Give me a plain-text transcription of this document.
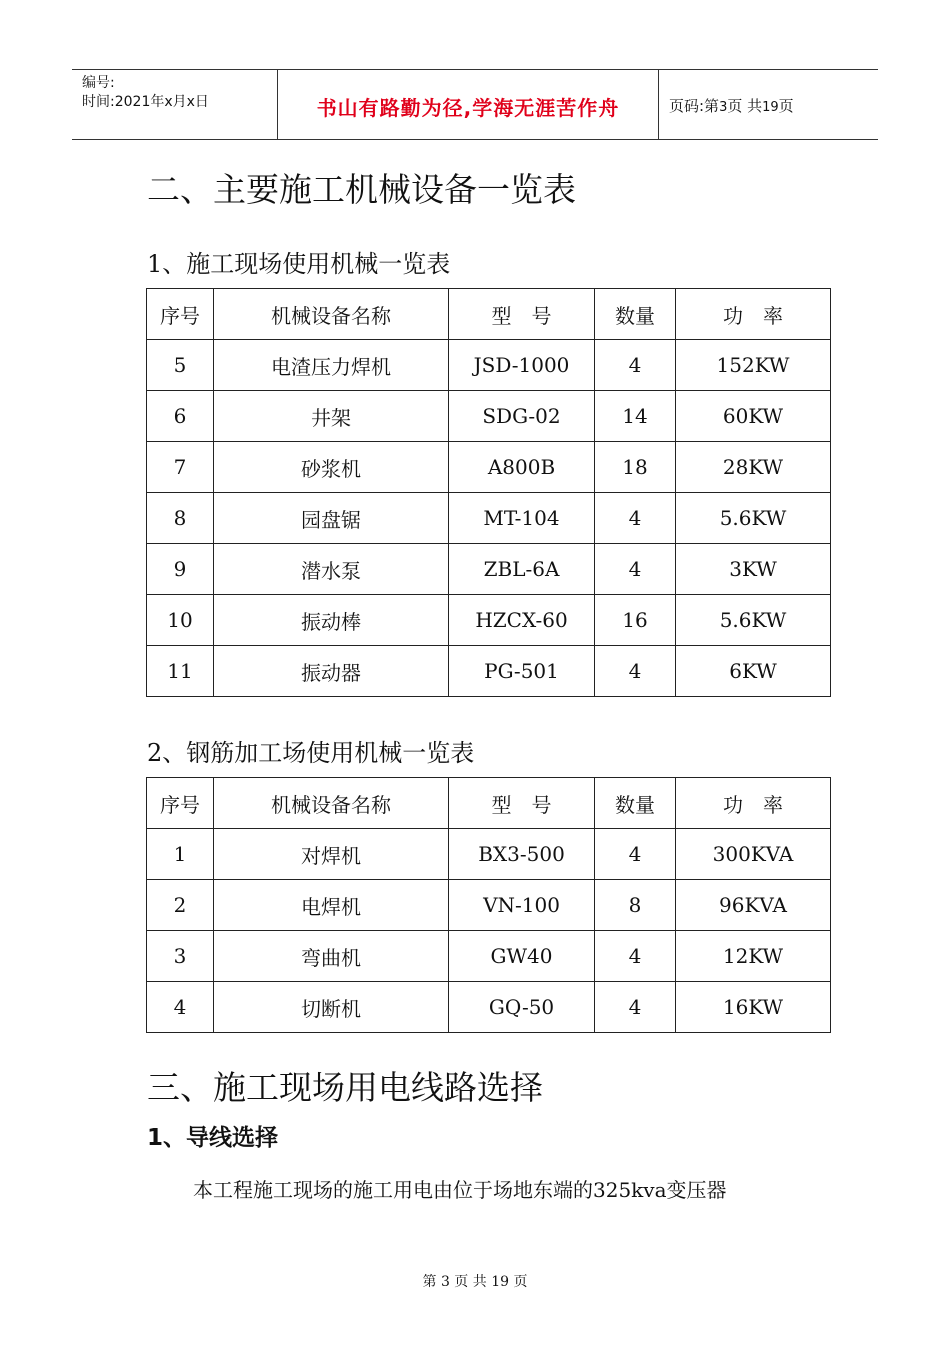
编号:
时间:2021年x月x日	书山有路勤为径,学海无涯苦作舟	页码:第3页 共19页
二、主要施工机械设备一览表
1、施工现场使用机械一览表
序号	机械设备名称	型　号	数量	功　率
5	电渣压力焊机	JSD-1000	4	152KW
6	井架	SDG-02	14	60KW
7	砂浆机	A800B	18	28KW
8	园盘锯	MT-104	4	5.6KW
9	潜水泵	ZBL-6A	4	3KW
10	振动棒	HZCX-60	16	5.6KW
11	振动器	PG-501	4	6KW
2、钢筋加工场使用机械一览表
序号	机械设备名称	型　号	数量	功　率
1	对焊机	BX3-500	4	300KVA
2	电焊机	VN-100	8	96KVA
3	弯曲机	GW40	4	12KW
4	切断机	GQ-50	4	16KW
三、施工现场用电线路选择
1、导线选择
本工程施工现场的施工用电由位于场地东端的325kva变压器
第 3 页 共 19 页
